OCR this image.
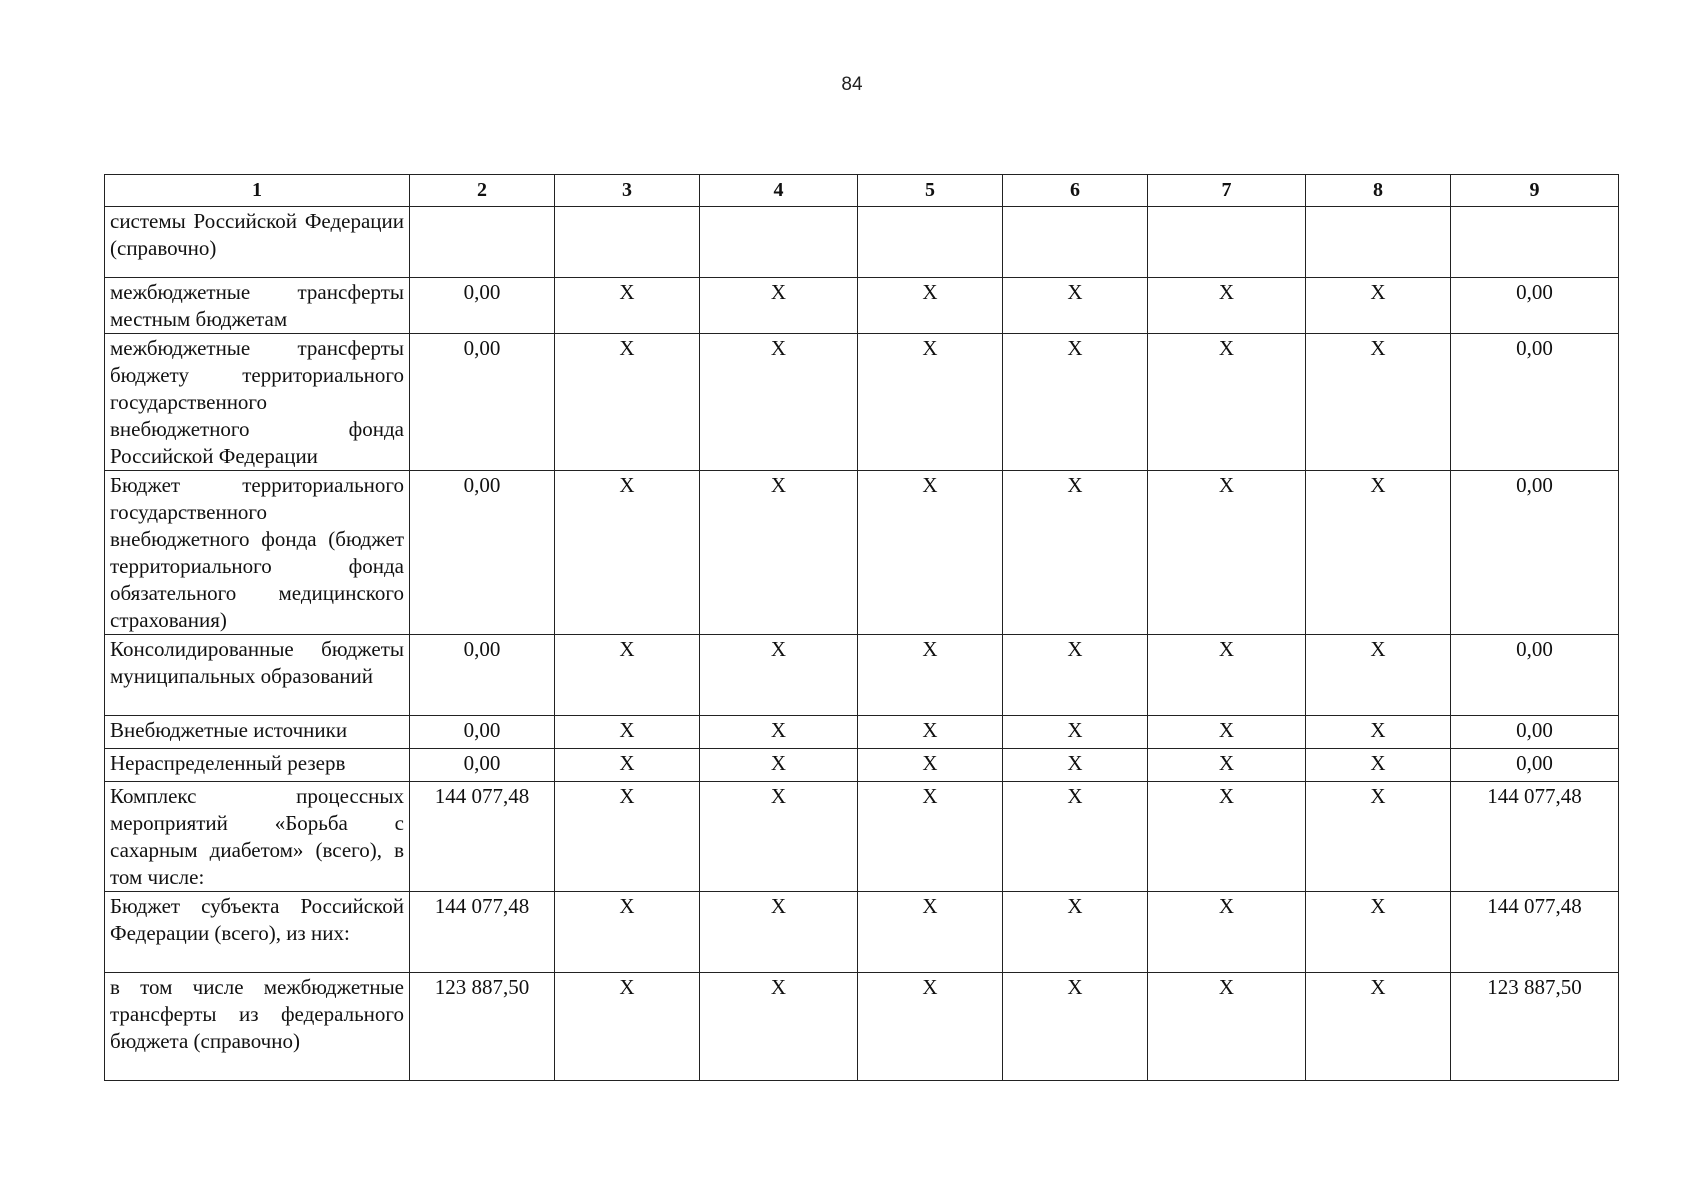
84
1	2	3	4	5	6	7	8	9
системы Российской Федерации (справочно)								
межбюджетные трансферты местным бюджетам	0,00	X	X	X	X	X	X	0,00
межбюджетные трансферты бюджету территориального государственного внебюджетного фонда Российской Федерации	0,00	X	X	X	X	X	X	0,00
Бюджет территориального государственного внебюджетного фонда (бюджет территориального фонда обязательного медицинского страхования)	0,00	X	X	X	X	X	X	0,00
Консолидированные бюджеты муниципальных образований	0,00	X	X	X	X	X	X	0,00
Внебюджетные источники	0,00	X	X	X	X	X	X	0,00
Нераспределенный резерв	0,00	X	X	X	X	X	X	0,00
Комплекс процессных мероприятий «Борьба с сахарным диабетом» (всего), в том числе:	144 077,48	X	X	X	X	X	X	144 077,48
Бюджет субъекта Российской Федерации (всего), из них:	144 077,48	X	X	X	X	X	X	144 077,48
в том числе межбюджетные трансферты из федерального бюджета (справочно)	123 887,50	X	X	X	X	X	X	123 887,50
